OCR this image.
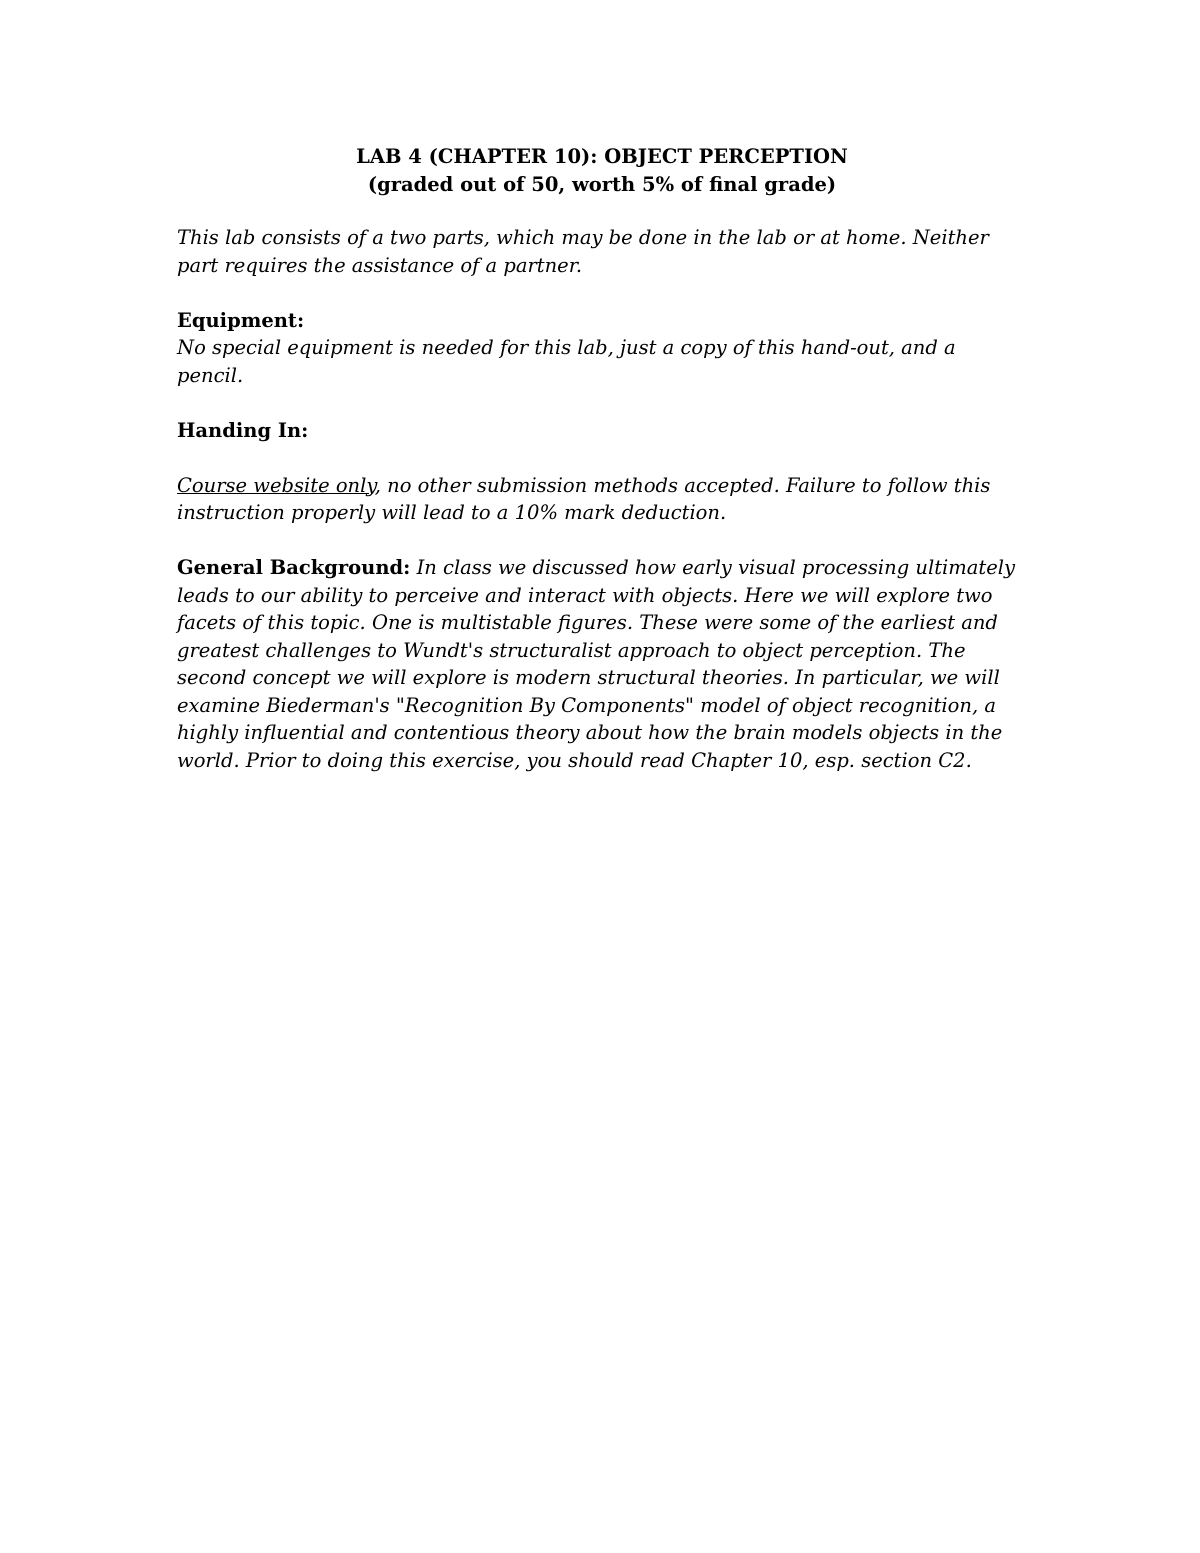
LAB 4 (CHAPTER 10): OBJECT PERCEPTION
(graded out of 50, worth 5% of final grade)

This lab consists of a two parts, which may be done in the lab or at home. Neither part requires the assistance of a partner.

Equipment:
No special equipment is needed for this lab, just a copy of this hand-out, and a pencil.

Handing In:

Course website only, no other submission methods accepted. Failure to follow this instruction properly will lead to a 10% mark deduction.

General Background: In class we discussed how early visual processing ultimately leads to our ability to perceive and interact with objects. Here we will explore two facets of this topic. One is multistable figures. These were some of the earliest and greatest challenges to Wundt's structuralist approach to object perception. The second concept we will explore is modern structural theories. In particular, we will examine Biederman's "Recognition By Components" model of object recognition, a highly influential and contentious theory about how the brain models objects in the world. Prior to doing this exercise, you should read Chapter 10, esp. section C2.
